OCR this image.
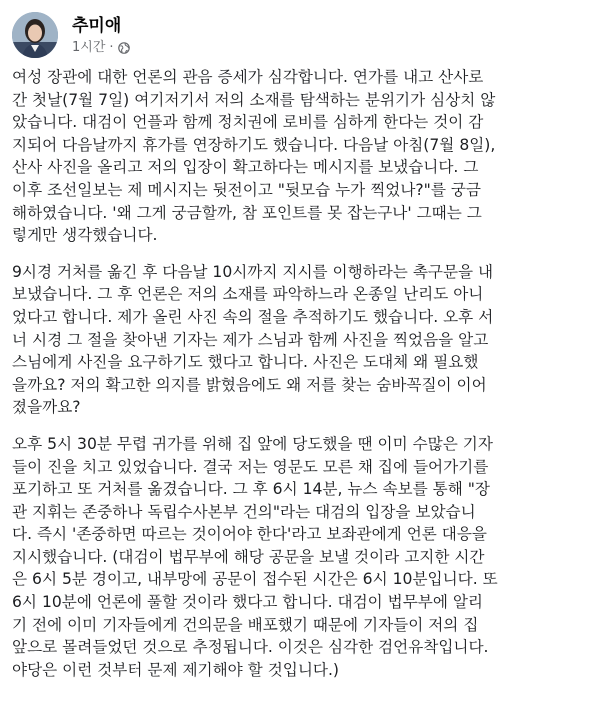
추미애
1시간 ·

여성 장관에 대한 언론의 관음 증세가 심각합니다. 연가를 내고 산사로
간 첫날(7월 7일) 여기저기서 저의 소재를 탐색하는 분위기가 심상치 않
았습니다. 대검이 언플과 함께 정치권에 로비를 심하게 한다는 것이 감
지되어 다음날까지 휴가를 연장하기도 했습니다. 다음날 아침(7월 8일),
산사 사진을 올리고 저의 입장이 확고하다는 메시지를 보냈습니다. 그
이후 조선일보는 제 메시지는 뒷전이고 "뒷모습 누가 찍었나?"를 궁금
해하였습니다. '왜 그게 궁금할까, 참 포인트를 못 잡는구나' 그때는 그
렇게만 생각했습니다.

9시경 거처를 옮긴 후 다음날 10시까지 지시를 이행하라는 촉구문을 내
보냈습니다. 그 후 언론은 저의 소재를 파악하느라 온종일 난리도 아니
었다고 합니다. 제가 올린 사진 속의 절을 추적하기도 했습니다. 오후 서
너 시경 그 절을 찾아낸 기자는 제가 스님과 함께 사진을 찍었음을 알고
스님에게 사진을 요구하기도 했다고 합니다. 사진은 도대체 왜 필요했
을까요? 저의 확고한 의지를 밝혔음에도 왜 저를 찾는 숨바꼭질이 이어
졌을까요?

오후 5시 30분 무렵 귀가를 위해 집 앞에 당도했을 땐 이미 수많은 기자
들이 진을 치고 있었습니다. 결국 저는 영문도 모른 채 집에 들어가기를
포기하고 또 거처를 옮겼습니다. 그 후 6시 14분, 뉴스 속보를 통해 "장
관 지휘는 존중하나 독립수사본부 건의"라는 대검의 입장을 보았습니
다. 즉시 '존중하면 따르는 것이어야 한다'라고 보좌관에게 언론 대응을
지시했습니다. (대검이 법무부에 해당 공문을 보낼 것이라 고지한 시간
은 6시 5분 경이고, 내부망에 공문이 접수된 시간은 6시 10분입니다. 또
6시 10분에 언론에 풀할 것이라 했다고 합니다. 대검이 법무부에 알리
기 전에 이미 기자들에게 건의문을 배포했기 때문에 기자들이 저의 집
앞으로 몰려들었던 것으로 추정됩니다. 이것은 심각한 검언유착입니다.
야당은 이런 것부터 문제 제기해야 할 것입니다.)
